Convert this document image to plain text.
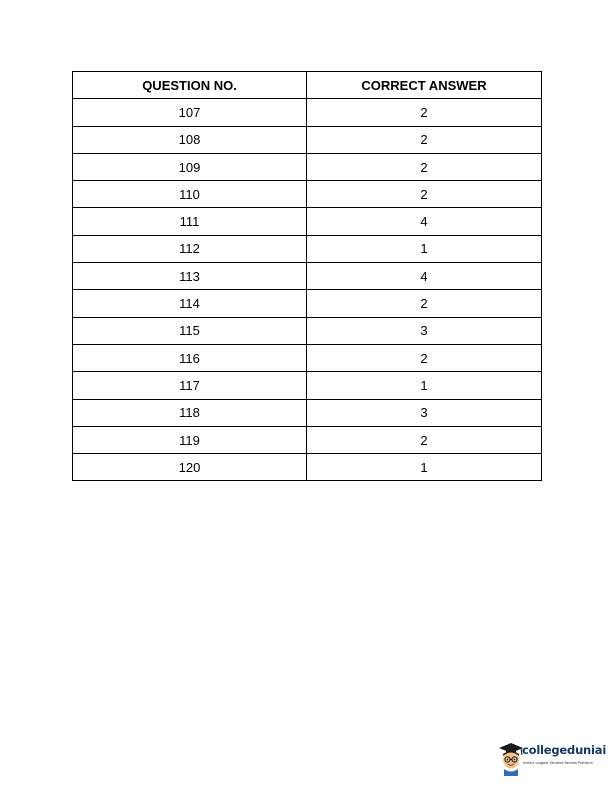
QUESTION NO.	CORRECT ANSWER
107	2
108	2
109	2
110	2
111	4
112	1
113	4
114	2
115	3
116	2
117	1
118	3
119	2
120	1
collegeduniai
India's Largest Student Review Platform
